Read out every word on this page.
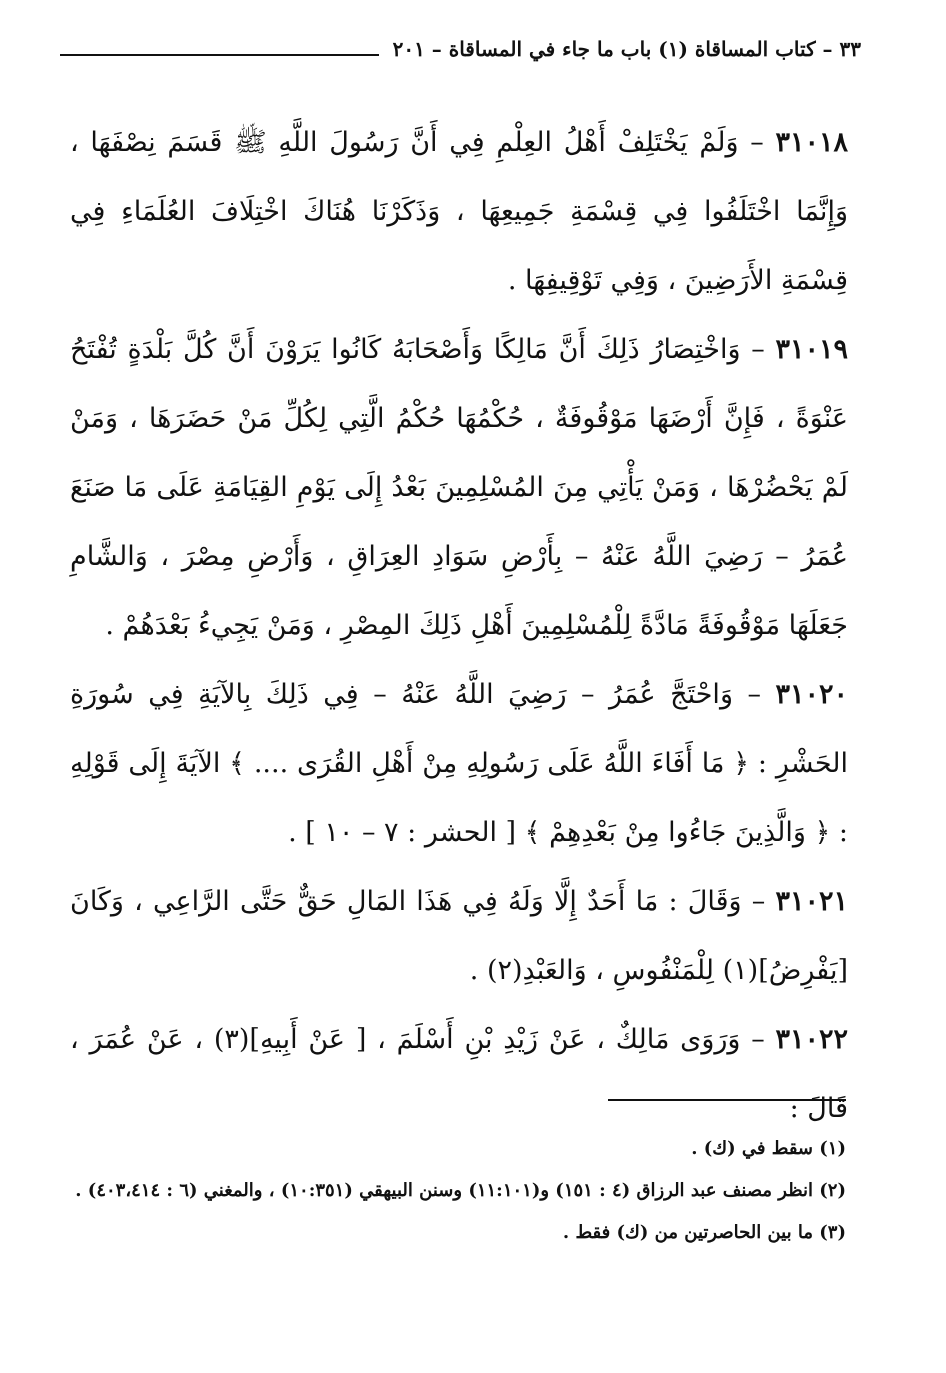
٣٣ – كتاب المساقاة (١) باب ما جاء في المساقاة – ٢٠١

٣١٠١٨ – وَلَمْ يَخْتَلِفْ أَهْلُ العِلْمِ فِي أَنَّ رَسُولَ اللَّهِ ﷺ قَسَمَ نِصْفَهَا ، وَإِنَّمَا اخْتَلَفُوا فِي قِسْمَةِ جَمِيعِهَا ، وَذَكَرْنَا هُنَاكَ اخْتِلَافَ العُلَمَاءِ فِي قِسْمَةِ الأَرَضِينَ ، وَفِي تَوْقِيفِهَا .

٣١٠١٩ – وَاخْتِصَارُ ذَلِكَ أَنَّ مَالِكًا وَأَصْحَابَهُ كَانُوا يَرَوْنَ أَنَّ كُلَّ بَلْدَةٍ تُفْتَحُ عَنْوَةً ، فَإِنَّ أَرْضَهَا مَوْقُوفَةٌ ، حُكْمُهَا حُكْمُ الَّتِي لِكُلِّ مَنْ حَضَرَهَا ، وَمَنْ لَمْ يَحْضُرْهَا ، وَمَنْ يَأْتِي مِنَ المُسْلِمِينَ بَعْدُ إِلَى يَوْمِ القِيَامَةِ عَلَى مَا صَنَعَ عُمَرُ – رَضِيَ اللَّهُ عَنْهُ – بِأَرْضِ سَوَادِ العِرَاقِ ، وَأَرْضِ مِصْرَ ، وَالشَّامِ جَعَلَهَا مَوْقُوفَةً مَادَّةً لِلْمُسْلِمِينَ أَهْلِ ذَلِكَ المِصْرِ ، وَمَنْ يَجِيءُ بَعْدَهُمْ .

٣١٠٢٠ – وَاحْتَجَّ عُمَرُ – رَضِيَ اللَّهُ عَنْهُ – فِي ذَلِكَ بِالآيَةِ فِي سُورَةِ الحَشْرِ : ﴿ مَا أَفَاءَ اللَّهُ عَلَى رَسُولِهِ مِنْ أَهْلِ القُرَى .... ﴾ الآيَةَ إِلَى قَوْلِهِ : ﴿ وَالَّذِينَ جَاءُوا مِنْ بَعْدِهِمْ ﴾ [ الحشر : ٧ – ١٠ ] .

٣١٠٢١ – وَقَالَ : مَا أَحَدٌ إِلَّا وَلَهُ فِي هَذَا المَالِ حَقٌّ حَتَّى الرَّاعِي ، وَكَانَ [يَفْرِضُ](١) لِلْمَنْفُوسِ ، وَالعَبْدِ(٢) .

٣١٠٢٢ – وَرَوَى مَالِكٌ ، عَنْ زَيْدِ بْنِ أَسْلَمَ ، [ عَنْ أَبِيهِ](٣) ، عَنْ عُمَرَ ، قَالَ :

(١) سقط في (ك) .

(٢) انظر مصنف عبد الرزاق (٤ : ١٥١) و(١١:١٠١) وسنن البيهقي (١٠:٣٥١) ، والمغني (٦ : ٤٠٣،٤١٤) .

(٣) ما بين الحاصرتين من (ك) فقط .
